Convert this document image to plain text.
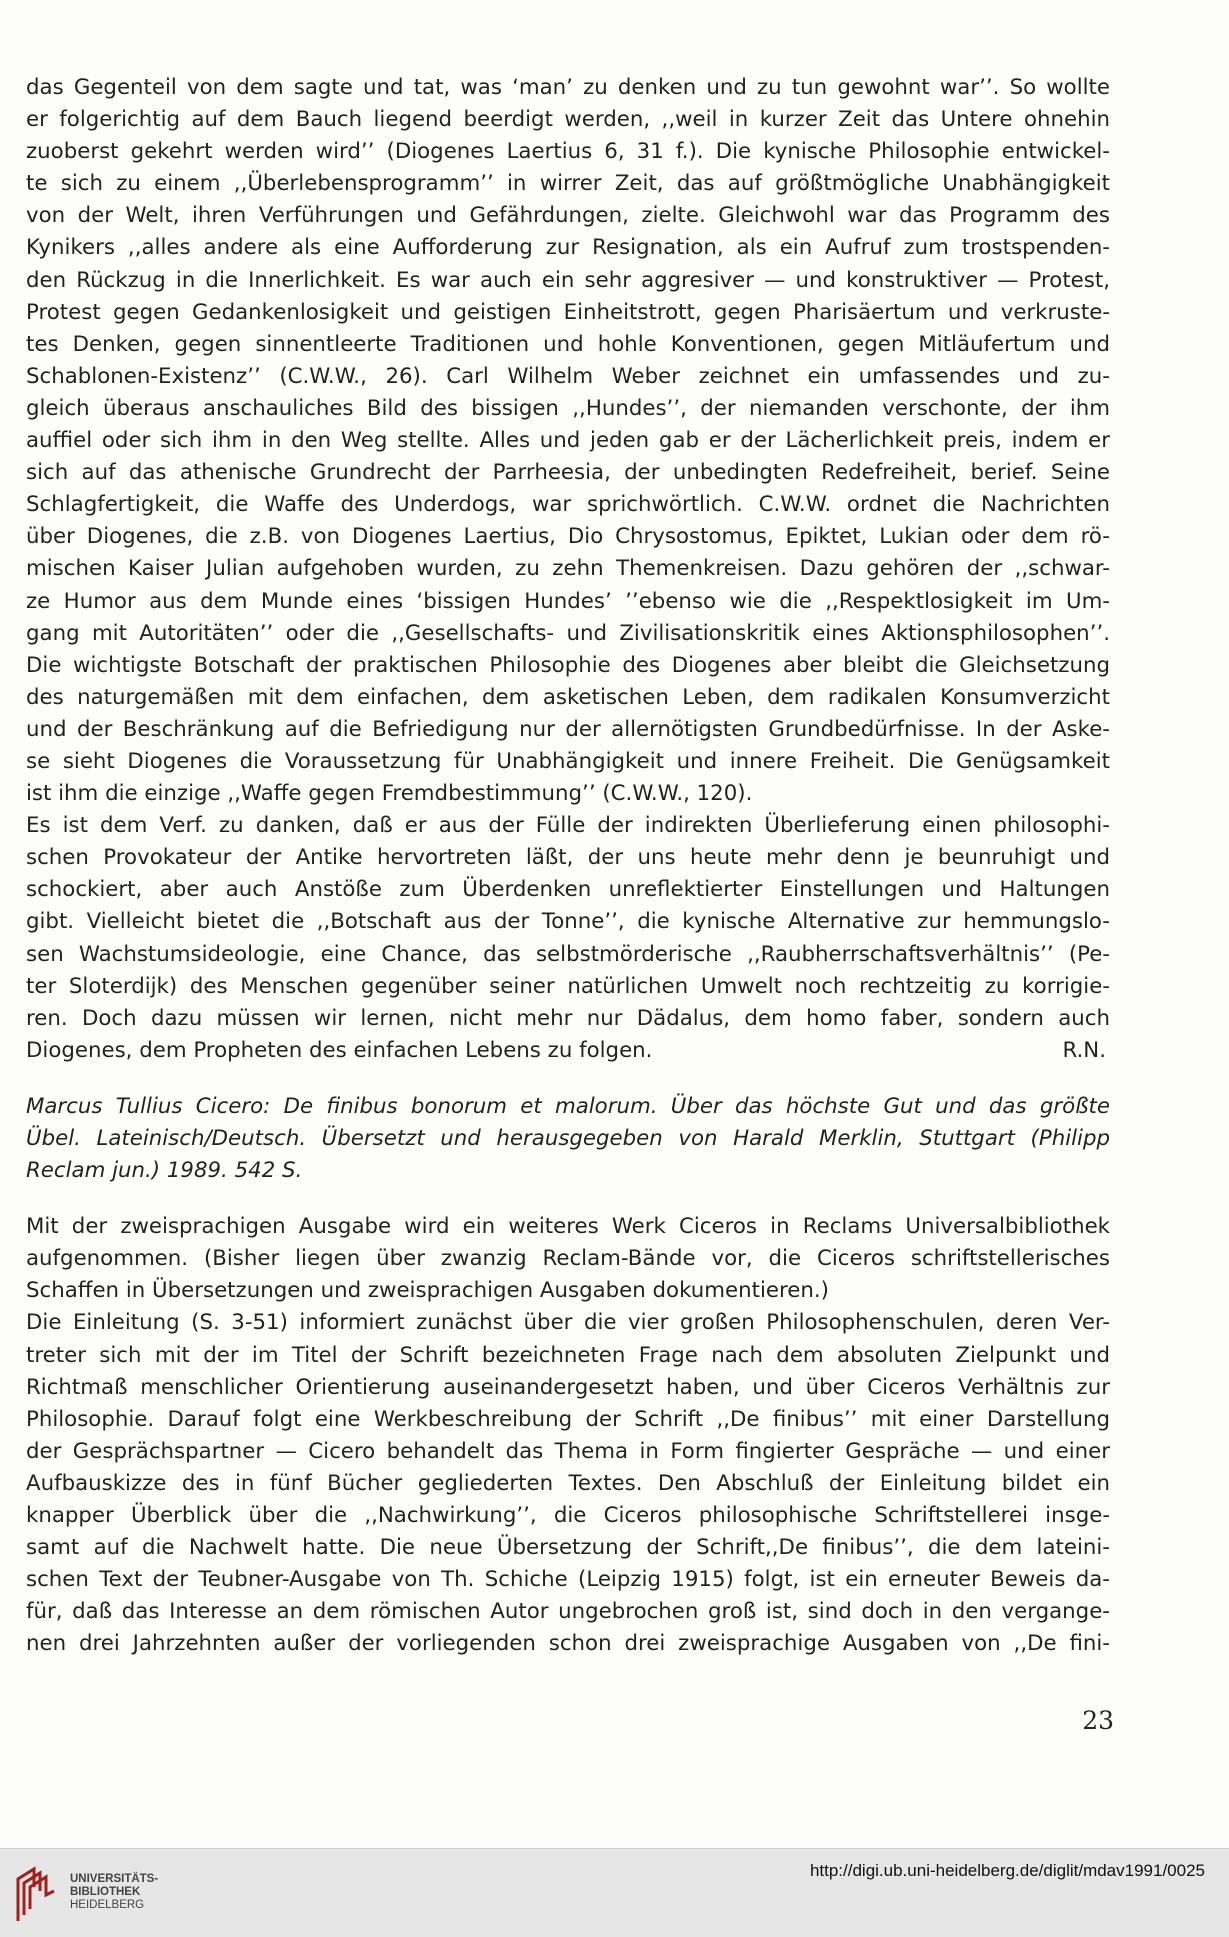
das Gegenteil von dem sagte und tat, was ‘man’ zu denken und zu tun gewohnt war’’. So wollte
er folgerichtig auf dem Bauch liegend beerdigt werden, ,,weil in kurzer Zeit das Untere ohnehin
zuoberst gekehrt werden wird’’ (Diogenes Laertius 6, 31 f.). Die kynische Philosophie entwickel-
te sich zu einem ,,Überlebensprogramm’’ in wirrer Zeit, das auf größtmögliche Unabhängigkeit
von der Welt, ihren Verführungen und Gefährdungen, zielte. Gleichwohl war das Programm des
Kynikers ,,alles andere als eine Aufforderung zur Resignation, als ein Aufruf zum trostspenden-
den Rückzug in die Innerlichkeit. Es war auch ein sehr aggresiver — und konstruktiver — Protest,
Protest gegen Gedankenlosigkeit und geistigen Einheitstrott, gegen Pharisäertum und verkruste-
tes Denken, gegen sinnentleerte Traditionen und hohle Konventionen, gegen Mitläufertum und
Schablonen-Existenz’’ (C.W.W., 26). Carl Wilhelm Weber zeichnet ein umfassendes und zu-
gleich überaus anschauliches Bild des bissigen ,,Hundes’’, der niemanden verschonte, der ihm
auffiel oder sich ihm in den Weg stellte. Alles und jeden gab er der Lächerlichkeit preis, indem er
sich auf das athenische Grundrecht der Parrheesia, der unbedingten Redefreiheit, berief. Seine
Schlagfertigkeit, die Waffe des Underdogs, war sprichwörtlich. C.W.W. ordnet die Nachrichten
über Diogenes, die z.B. von Diogenes Laertius, Dio Chrysostomus, Epiktet, Lukian oder dem rö-
mischen Kaiser Julian aufgehoben wurden, zu zehn Themenkreisen. Dazu gehören der ,,schwar-
ze Humor aus dem Munde eines ‘bissigen Hundes’ ’’ebenso wie die ,,Respektlosigkeit im Um-
gang mit Autoritäten’’ oder die ,,Gesellschafts- und Zivilisationskritik eines Aktionsphilosophen’’.
Die wichtigste Botschaft der praktischen Philosophie des Diogenes aber bleibt die Gleichsetzung
des naturgemäßen mit dem einfachen, dem asketischen Leben, dem radikalen Konsumverzicht
und der Beschränkung auf die Befriedigung nur der allernötigsten Grundbedürfnisse. In der Aske-
se sieht Diogenes die Voraussetzung für Unabhängigkeit und innere Freiheit. Die Genügsamkeit
ist ihm die einzige ,,Waffe gegen Fremdbestimmung’’ (C.W.W., 120).
Es ist dem Verf. zu danken, daß er aus der Fülle der indirekten Überlieferung einen philosophi-
schen Provokateur der Antike hervortreten läßt, der uns heute mehr denn je beunruhigt und
schockiert, aber auch Anstöße zum Überdenken unreflektierter Einstellungen und Haltungen
gibt. Vielleicht bietet die ,,Botschaft aus der Tonne’’, die kynische Alternative zur hemmungslo-
sen Wachstumsideologie, eine Chance, das selbstmörderische ,,Raubherrschaftsverhältnis’’ (Pe-
ter Sloterdijk) des Menschen gegenüber seiner natürlichen Umwelt noch rechtzeitig zu korrigie-
ren. Doch dazu müssen wir lernen, nicht mehr nur Dädalus, dem homo faber, sondern auch
Diogenes, dem Propheten des einfachen Lebens zu folgen.	R.N.
Marcus Tullius Cicero: De finibus bonorum et malorum. Über das höchste Gut und das größte
Übel. Lateinisch/Deutsch. Übersetzt und herausgegeben von Harald Merklin, Stuttgart (Philipp
Reclam jun.) 1989. 542 S.
Mit der zweisprachigen Ausgabe wird ein weiteres Werk Ciceros in Reclams Universalbibliothek
aufgenommen. (Bisher liegen über zwanzig Reclam-Bände vor, die Ciceros schriftstellerisches
Schaffen in Übersetzungen und zweisprachigen Ausgaben dokumentieren.)
Die Einleitung (S. 3-51) informiert zunächst über die vier großen Philosophenschulen, deren Ver-
treter sich mit der im Titel der Schrift bezeichneten Frage nach dem absoluten Zielpunkt und
Richtmaß menschlicher Orientierung auseinandergesetzt haben, und über Ciceros Verhältnis zur
Philosophie. Darauf folgt eine Werkbeschreibung der Schrift ,,De finibus’’ mit einer Darstellung
der Gesprächspartner — Cicero behandelt das Thema in Form fingierter Gespräche — und einer
Aufbauskizze des in fünf Bücher gegliederten Textes. Den Abschluß der Einleitung bildet ein
knapper Überblick über die ,,Nachwirkung’’, die Ciceros philosophische Schriftstellerei insge-
samt auf die Nachwelt hatte. Die neue Übersetzung der Schrift,,De finibus’’, die dem lateini-
schen Text der Teubner-Ausgabe von Th. Schiche (Leipzig 1915) folgt, ist ein erneuter Beweis da-
für, daß das Interesse an dem römischen Autor ungebrochen groß ist, sind doch in den vergange-
nen drei Jahrzehnten außer der vorliegenden schon drei zweisprachige Ausgaben von ,,De fini-
23
UNIVERSITÄTS-
BIBLIOTHEK
HEIDELBERG
http://digi.ub.uni-heidelberg.de/diglit/mdav1991/0025
